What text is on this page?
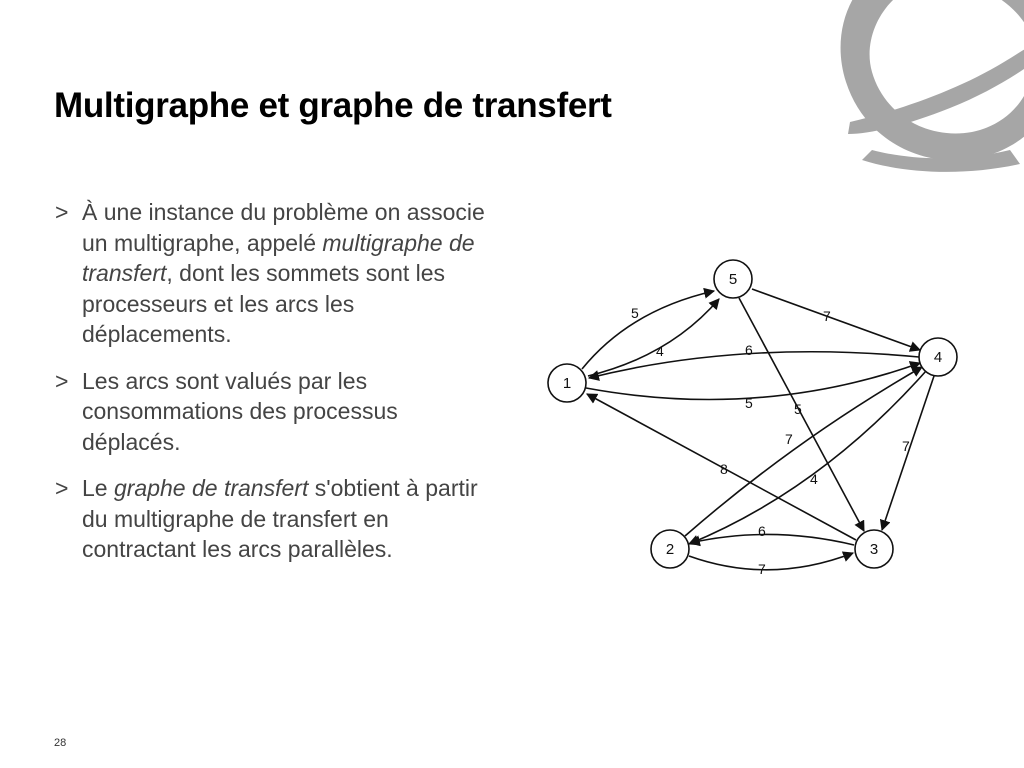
Multigraphe et graphe de transfert
> À une instance du problème on associe un multigraphe, appelé multigraphe de transfert, dont les sommets sont les processeurs et les arcs les déplacements.
> Les arcs sont valués par les consommations des processus déplacés.
> Le graphe de transfert s'obtient à partir du multigraphe de transfert en contractant les arcs parallèles.
5
4	6
5
7
5
8
7
4
7
6
7
1
5
4
2	3
28
